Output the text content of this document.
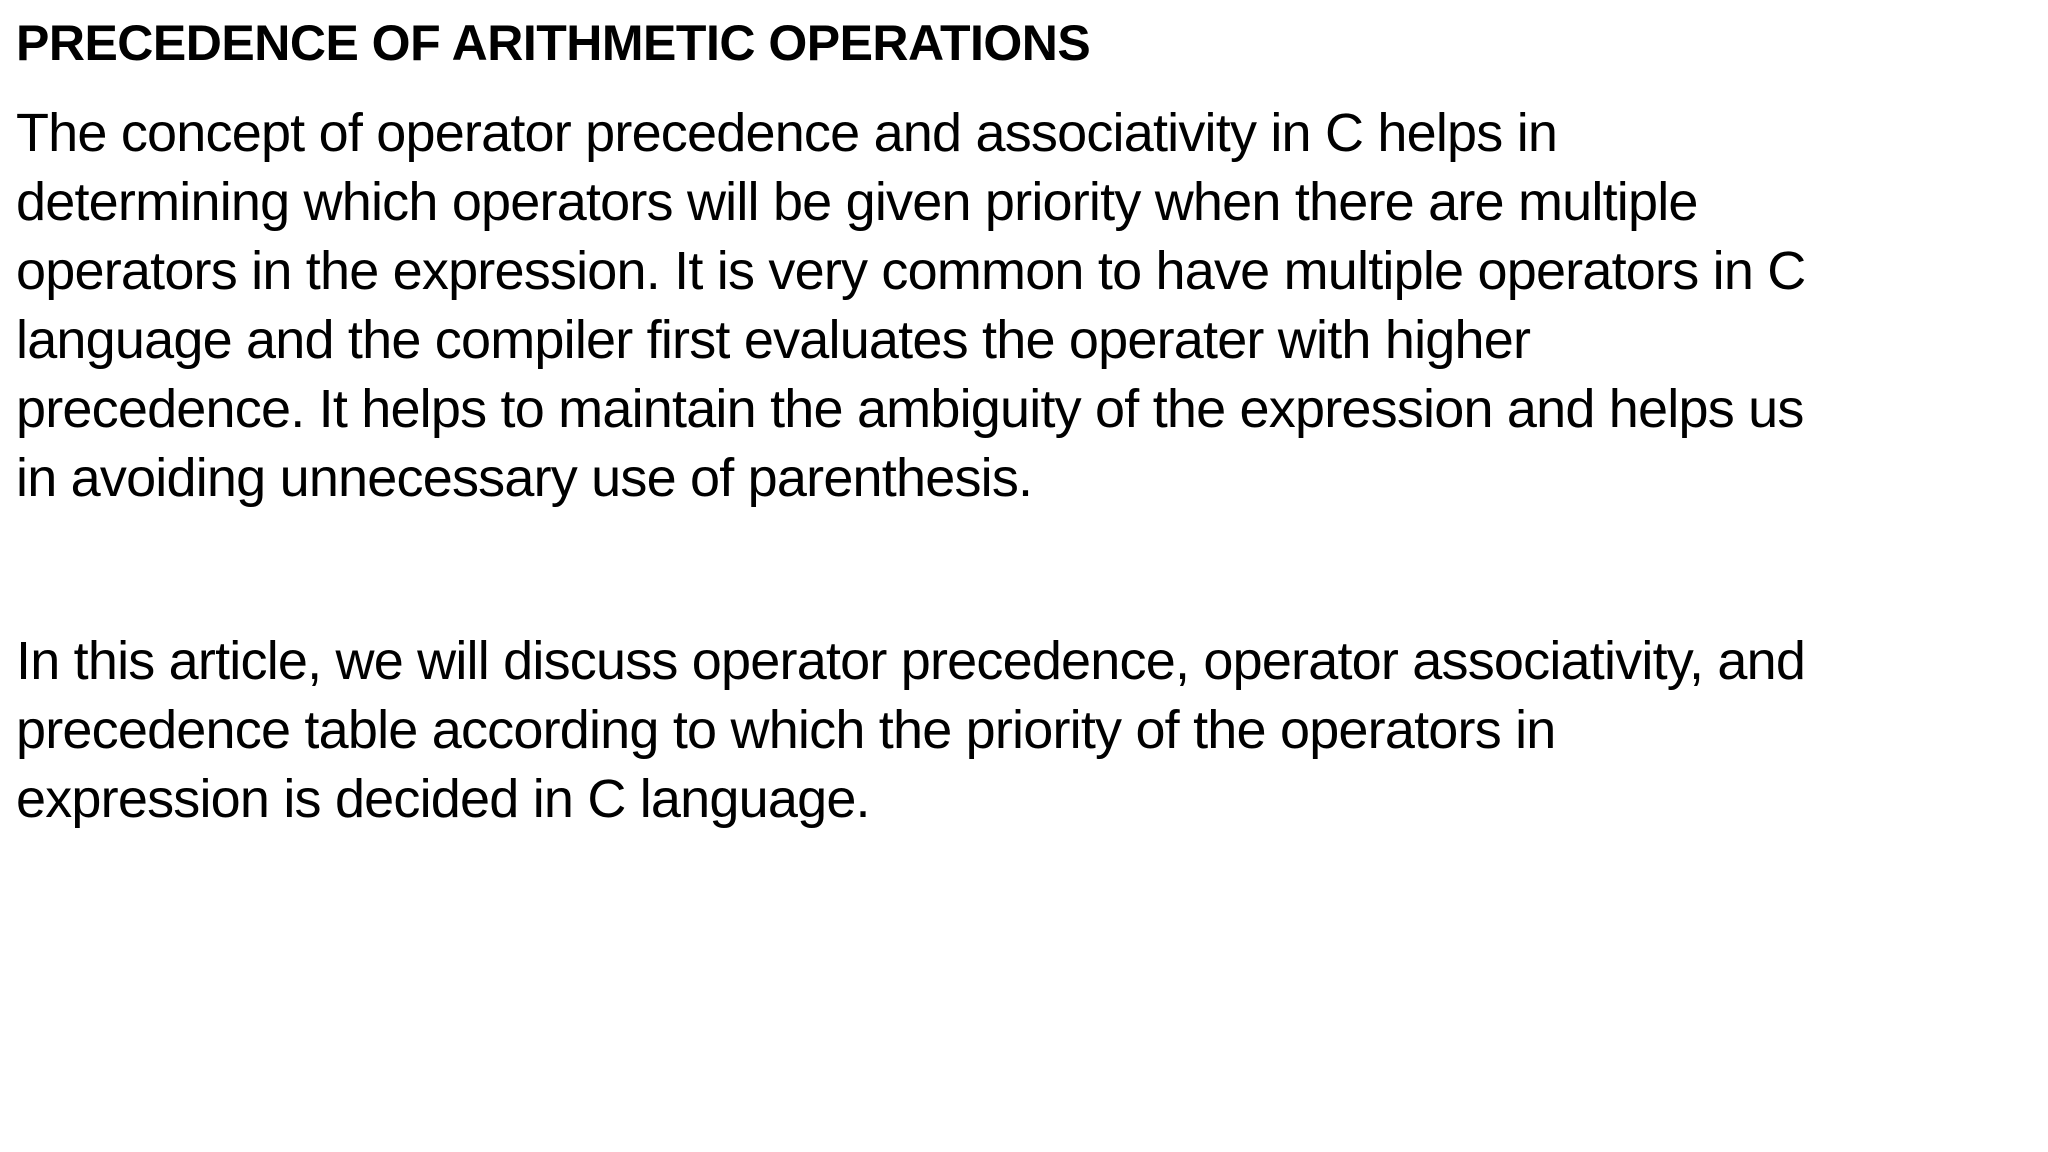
PRECEDENCE OF ARITHMETIC OPERATIONS

The concept of operator precedence and associativity in C helps in
determining which operators will be given priority when there are multiple
operators in the expression. It is very common to have multiple operators in C
language and the compiler first evaluates the operater with higher
precedence. It helps to maintain the ambiguity of the expression and helps us
in avoiding unnecessary use of parenthesis.

In this article, we will discuss operator precedence, operator associativity, and
precedence table according to which the priority of the operators in
expression is decided in C language.
